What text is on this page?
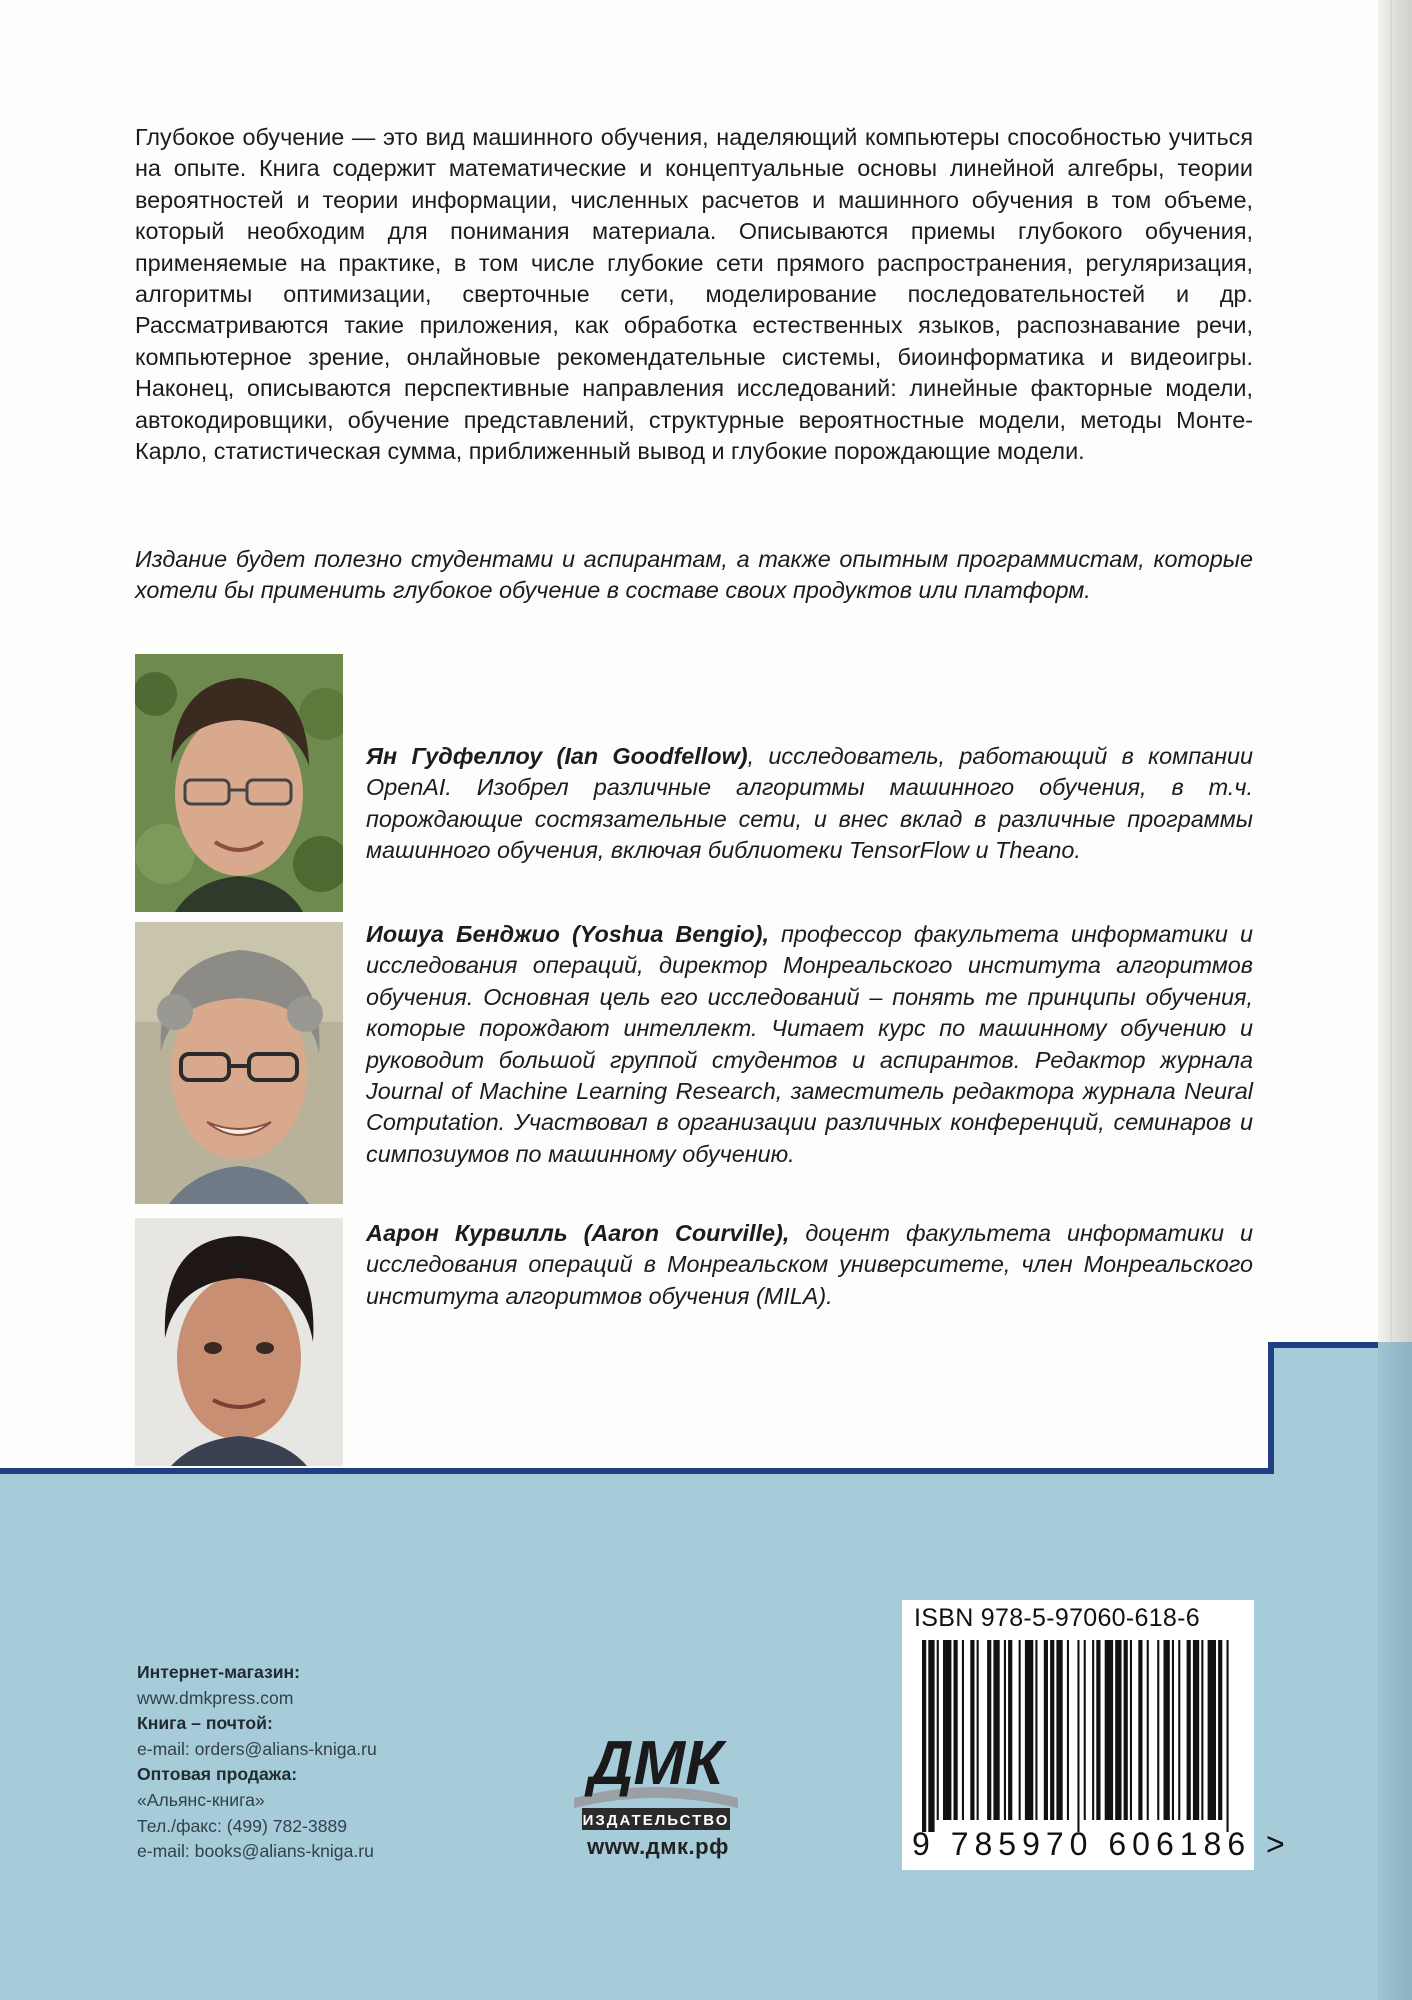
Глубокое обучение — это вид машинного обучения, наделяющий компьютеры способностью учиться на опыте. Книга содержит математические и концептуальные основы линейной алгебры, теории вероятностей и теории информации, численных расчетов и машинного обучения в том объеме, который необходим для понимания материала. Описываются приемы глубокого обучения, применяемые на практике, в том числе глубокие сети прямого распространения, регуляризация, алгоритмы оптимизации, сверточные сети, моделирование последовательностей и др. Рассматриваются такие приложения, как обработка естественных языков, распознавание речи, компьютерное зрение, онлайновые рекомендательные системы, биоинформатика и видеоигры. Наконец, описываются перспективные направления исследований: линейные факторные модели, автокодировщики, обучение представлений, структурные вероятностные модели, методы Монте-Карло, статистическая сумма, приближенный вывод и глубокие порождающие модели.

Издание будет полезно студентами и аспирантам, а также опытным программистам, которые хотели бы применить глубокое обучение в составе своих продуктов или платформ.

Ян Гудфеллоу (Ian Goodfellow), исследователь, работающий в компании OpenAI. Изобрел различные алгоритмы машинного обучения, в т.ч. порождающие состязательные сети, и внес вклад в различные программы машинного обучения, включая библиотеки TensorFlow и Theano.

Иошуа Бенджио (Yoshua Bengio), профессор факультета информатики и исследования операций, директор Монреальского института алгоритмов обучения. Основная цель его исследований – понять те принципы обучения, которые порождают интеллект. Читает курс по машинному обучению и руководит большой группой студентов и аспирантов. Редактор журнала Journal of Machine Learning Research, заместитель редактора журнала Neural Computation. Участвовал в организации различных конференций, семинаров и симпозиумов по машинному обучению.

Аарон Курвилль (Aaron Courville), доцент факультета информатики и исследования операций в Монреальском университете, член Монреальского института алгоритмов обучения (MILA).

Интернет-магазин:
www.dmkpress.com
Книга – почтой:
e-mail: orders@alians-kniga.ru
Оптовая продажа:
«Альянс-книга»
Тел./факс: (499) 782-3889
e-mail: books@alians-kniga.ru
ДМК
ИЗДАТЕЛЬСТВО
www.дмк.рф
ISBN 978-5-97060-618-6
9 785970 606186 >
